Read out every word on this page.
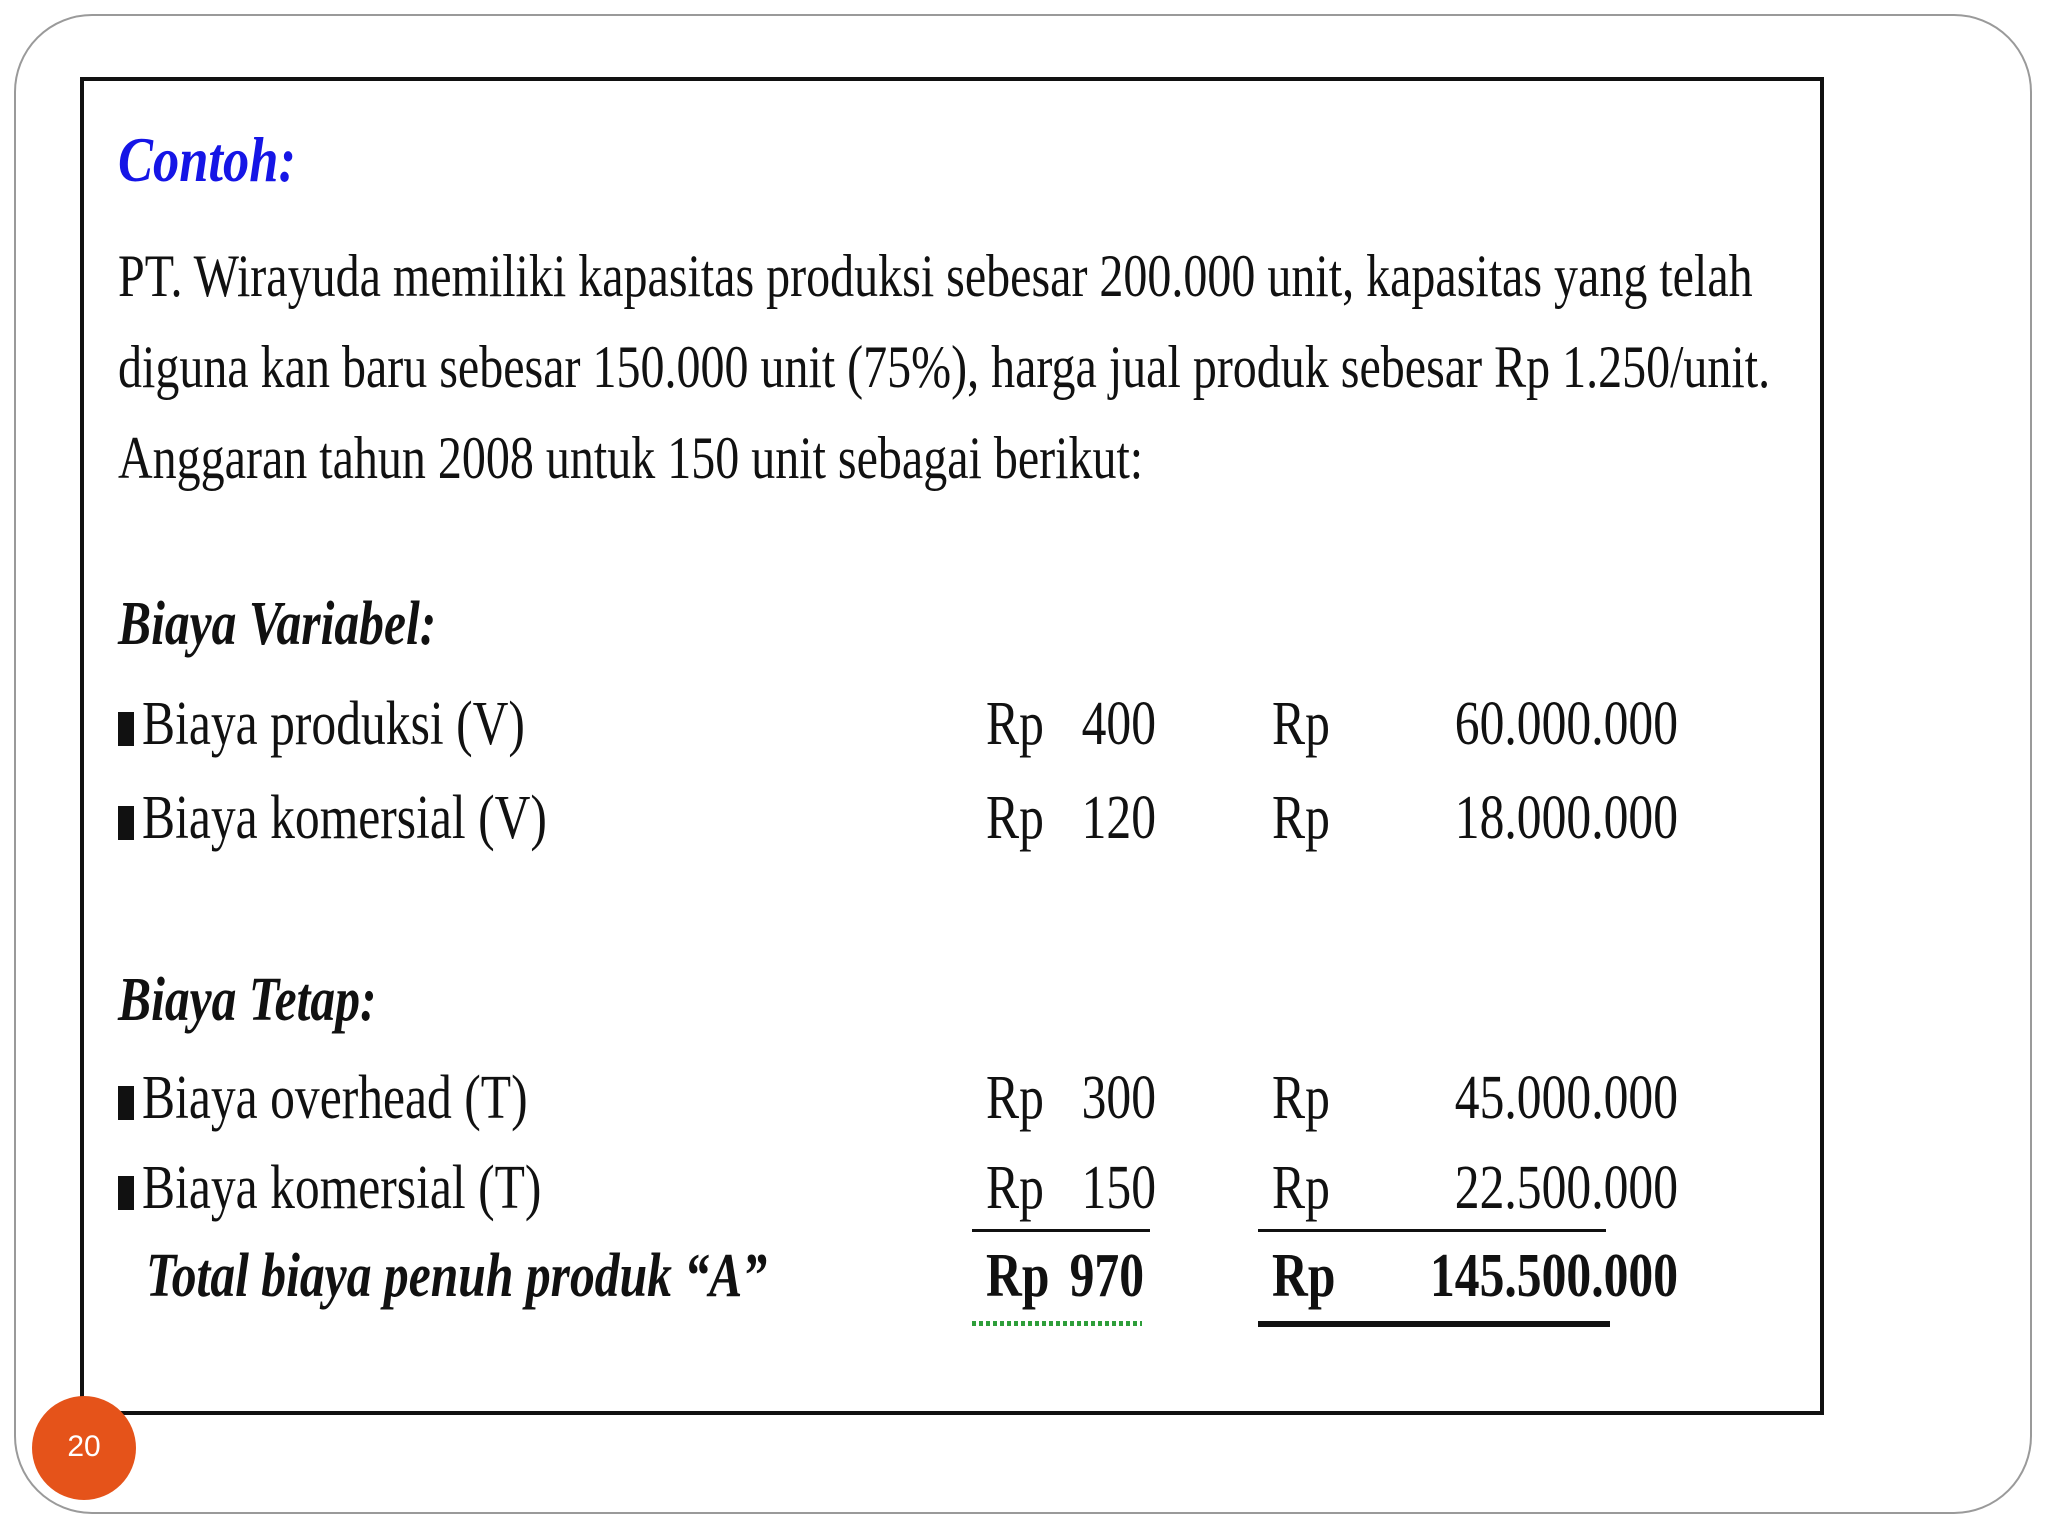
Contoh:

PT. Wirayuda memiliki kapasitas produksi sebesar 200.000 unit, kapasitas yang telah
diguna kan baru sebesar 150.000 unit (75%), harga jual produk sebesar Rp 1.250/unit.
Anggaran tahun 2008 untuk 150 unit sebagai berikut:

Biaya Variabel:
Biaya produksi (V)	Rp 400 Rp 60.000.000
Biaya komersial (V)	Rp 120 Rp 18.000.000
Biaya Tetap:
Biaya overhead (T)	Rp 300 Rp 45.000.000
Biaya komersial (T)	Rp 150 Rp 22.500.000
Total biaya penuh produk “A”	Rp 970 Rp 145.500.000
20
